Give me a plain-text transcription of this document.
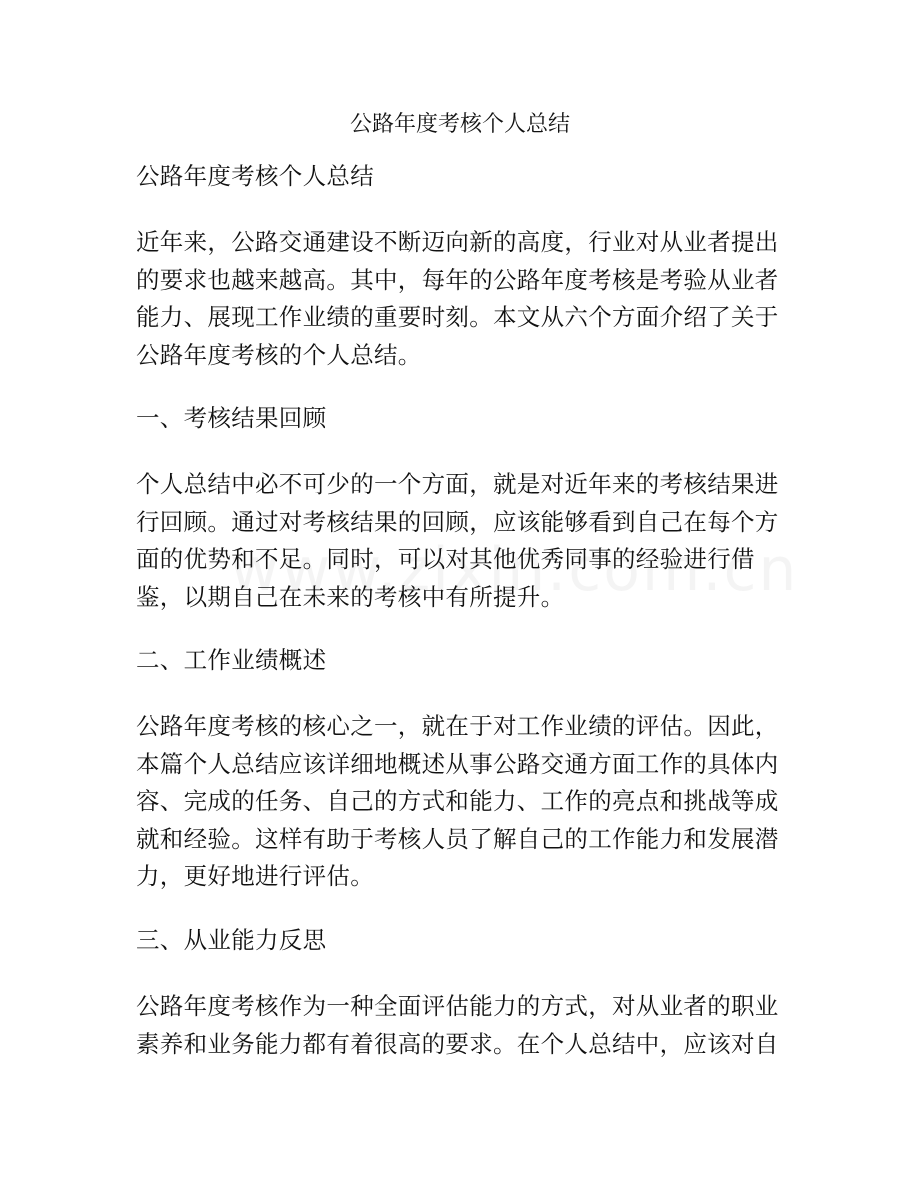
公路年度考核个人总结

公路年度考核个人总结

近年来，公路交通建设不断迈向新的高度，行业对从业者提出的要求也越来越高。其中，每年的公路年度考核是考验从业者能力、展现工作业绩的重要时刻。本文从六个方面介绍了关于公路年度考核的个人总结。

一、考核结果回顾

个人总结中必不可少的一个方面，就是对近年来的考核结果进行回顾。通过对考核结果的回顾，应该能够看到自己在每个方面的优势和不足。同时，可以对其他优秀同事的经验进行借鉴，以期自己在未来的考核中有所提升。

二、工作业绩概述

公路年度考核的核心之一，就在于对工作业绩的评估。因此，本篇个人总结应该详细地概述从事公路交通方面工作的具体内容、完成的任务、自己的方式和能力、工作的亮点和挑战等成就和经验。这样有助于考核人员了解自己的工作能力和发展潜力，更好地进行评估。

三、从业能力反思

公路年度考核作为一种全面评估能力的方式，对从业者的职业素养和业务能力都有着很高的要求。在个人总结中，应该对自
